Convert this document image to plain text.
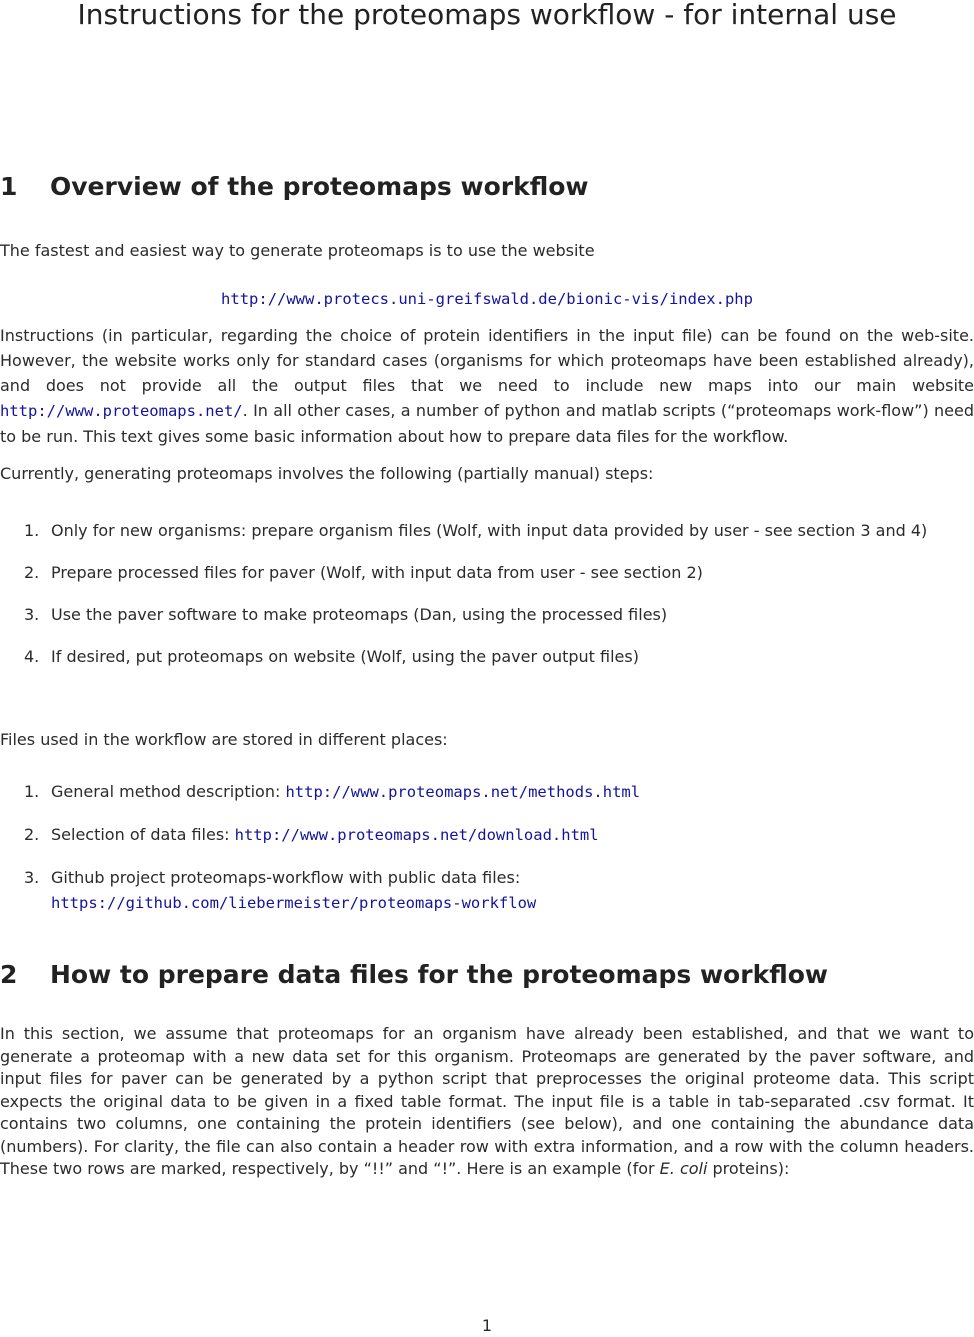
Instructions for the proteomaps workflow - for internal use
1 Overview of the proteomaps workflow
The fastest and easiest way to generate proteomaps is to use the website
http://www.protecs.uni-greifswald.de/bionic-vis/index.php
Instructions (in particular, regarding the choice of protein identifiers in the input file) can be found on the web-site. However, the website works only for standard cases (organisms for which proteomaps have been established already), and does not provide all the output files that we need to include new maps into our main website http://www.proteomaps.net/. In all other cases, a number of python and matlab scripts (“proteomaps work-flow”) need to be run. This text gives some basic information about how to prepare data files for the workflow.
Currently, generating proteomaps involves the following (partially manual) steps:
1. Only for new organisms: prepare organism files (Wolf, with input data provided by user - see section 3 and 4)
2. Prepare processed files for paver (Wolf, with input data from user - see section 2)
3. Use the paver software to make proteomaps (Dan, using the processed files)
4. If desired, put proteomaps on website (Wolf, using the paver output files)
Files used in the workflow are stored in different places:
1. General method description: http://www.proteomaps.net/methods.html
2. Selection of data files: http://www.proteomaps.net/download.html
3. Github project proteomaps-workflow with public data files:
https://github.com/liebermeister/proteomaps-workflow
2 How to prepare data files for the proteomaps workflow
In this section, we assume that proteomaps for an organism have already been established, and that we want to generate a proteomap with a new data set for this organism. Proteomaps are generated by the paver software, and input files for paver can be generated by a python script that preprocesses the original proteome data. This script expects the original data to be given in a fixed table format. The input file is a table in tab-separated .csv format. It contains two columns, one containing the protein identifiers (see below), and one containing the abundance data (numbers). For clarity, the file can also contain a header row with extra information, and a row with the column headers. These two rows are marked, respectively, by “!!” and “!”. Here is an example (for E. coli proteins):
1
